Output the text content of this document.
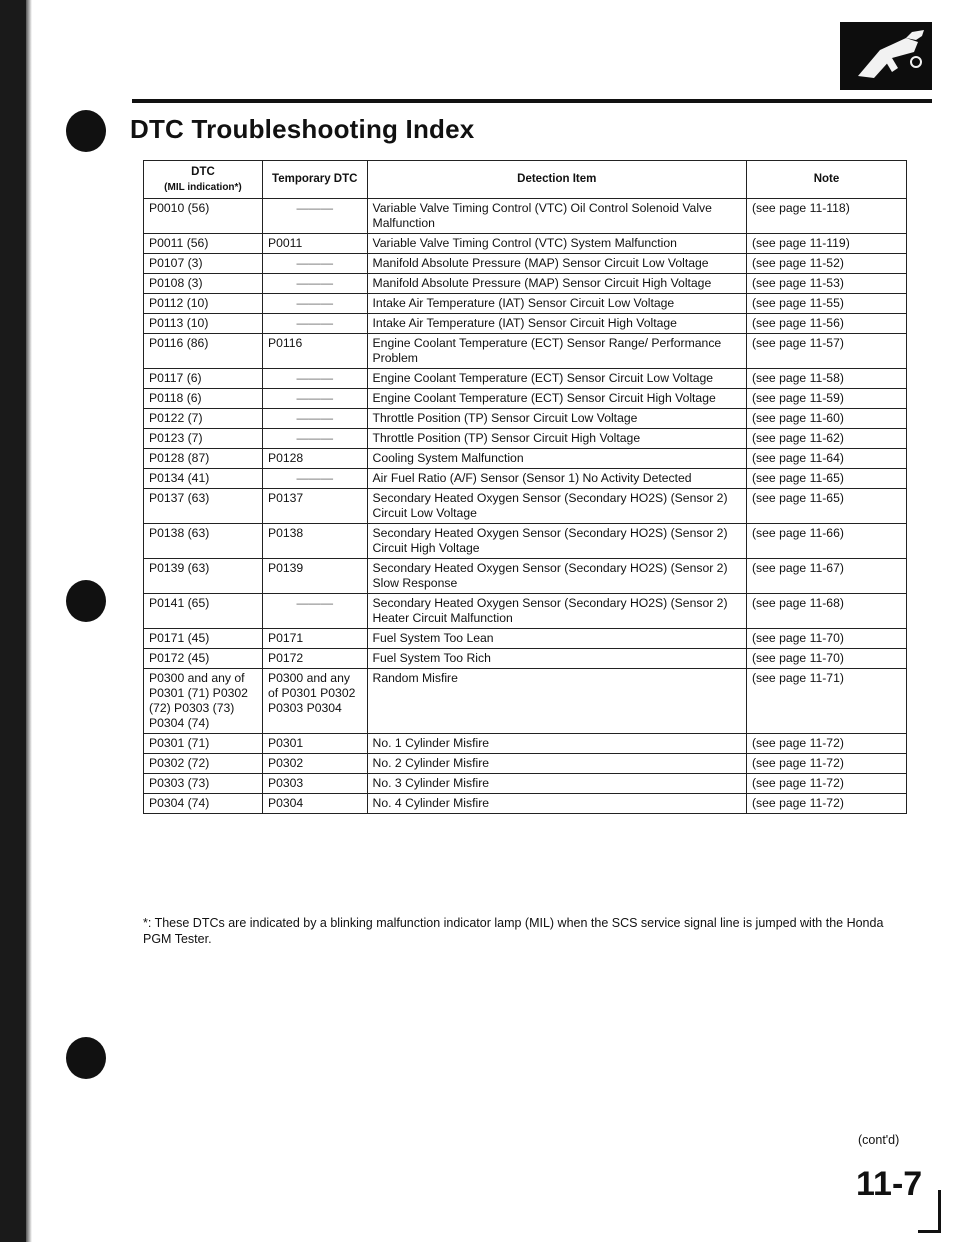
DTC Troubleshooting Index
DTC
(MIL indication*)	Temporary DTC	Detection Item	Note
P0010 (56)	———	Variable Valve Timing Control (VTC) Oil Control Solenoid Valve Malfunction	(see page 11-118)
P0011 (56)	P0011	Variable Valve Timing Control (VTC) System Malfunction	(see page 11-119)
P0107 (3)	———	Manifold Absolute Pressure (MAP) Sensor Circuit Low Voltage	(see page 11-52)
P0108 (3)	———	Manifold Absolute Pressure (MAP) Sensor Circuit High Voltage	(see page 11-53)
P0112 (10)	———	Intake Air Temperature (IAT) Sensor Circuit Low Voltage	(see page 11-55)
P0113 (10)	———	Intake Air Temperature (IAT) Sensor Circuit High Voltage	(see page 11-56)
P0116 (86)	P0116	Engine Coolant Temperature (ECT) Sensor Range/ Performance Problem	(see page 11-57)
P0117 (6)	———	Engine Coolant Temperature (ECT) Sensor Circuit Low Voltage	(see page 11-58)
P0118 (6)	———	Engine Coolant Temperature (ECT) Sensor Circuit High Voltage	(see page 11-59)
P0122 (7)	———	Throttle Position (TP) Sensor Circuit Low Voltage	(see page 11-60)
P0123 (7)	———	Throttle Position (TP) Sensor Circuit High Voltage	(see page 11-62)
P0128 (87)	P0128	Cooling System Malfunction	(see page 11-64)
P0134 (41)	———	Air Fuel Ratio (A/F) Sensor (Sensor 1) No Activity Detected	(see page 11-65)
P0137 (63)	P0137	Secondary Heated Oxygen Sensor (Secondary HO2S) (Sensor 2) Circuit Low Voltage	(see page 11-65)
P0138 (63)	P0138	Secondary Heated Oxygen Sensor (Secondary HO2S) (Sensor 2) Circuit High Voltage	(see page 11-66)
P0139 (63)	P0139	Secondary Heated Oxygen Sensor (Secondary HO2S) (Sensor 2) Slow Response	(see page 11-67)
P0141 (65)	———	Secondary Heated Oxygen Sensor (Secondary HO2S) (Sensor 2) Heater Circuit Malfunction	(see page 11-68)
P0171 (45)	P0171	Fuel System Too Lean	(see page 11-70)
P0172 (45)	P0172	Fuel System Too Rich	(see page 11-70)
P0300 and any of P0301 (71) P0302 (72) P0303 (73) P0304 (74)	P0300 and any of P0301 P0302 P0303 P0304	Random Misfire	(see page 11-71)
P0301 (71)	P0301	No. 1 Cylinder Misfire	(see page 11-72)
P0302 (72)	P0302	No. 2 Cylinder Misfire	(see page 11-72)
P0303 (73)	P0303	No. 3 Cylinder Misfire	(see page 11-72)
P0304 (74)	P0304	No. 4 Cylinder Misfire	(see page 11-72)
*: These DTCs are indicated by a blinking malfunction indicator lamp (MIL) when the SCS service signal line is jumped with the Honda PGM Tester.
(cont'd)
11-7
